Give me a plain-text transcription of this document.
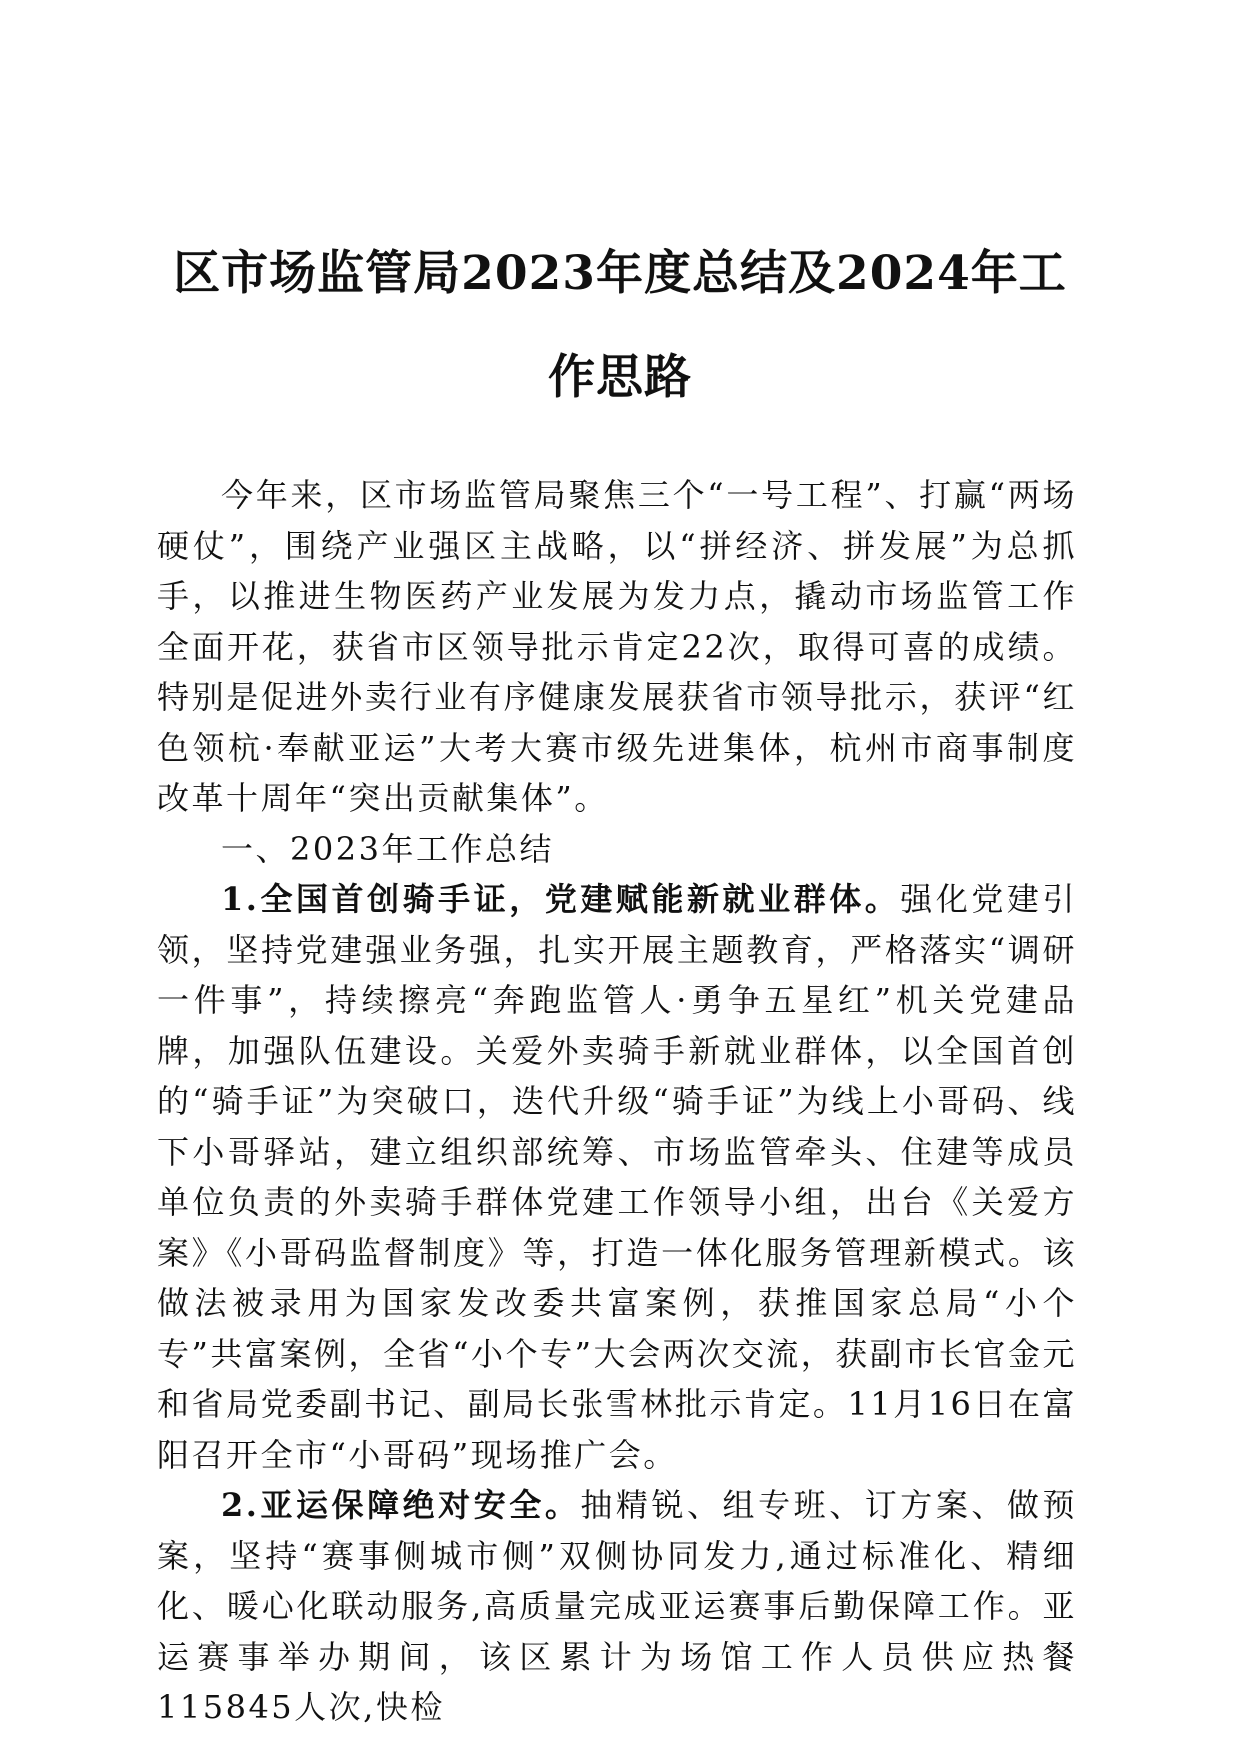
区市场监管局2023年度总结及2024年工作思路

今年来，区市场监管局聚焦三个“一号工程”、打赢“两场硬仗”，围绕产业强区主战略，以“拼经济、拼发展”为总抓手，以推进生物医药产业发展为发力点，撬动市场监管工作全面开花，获省市区领导批示肯定22次，取得可喜的成绩。特别是促进外卖行业有序健康发展获省市领导批示，获评“红色领杭·奉献亚运”大考大赛市级先进集体，杭州市商事制度改革十周年“突出贡献集体”。

一、2023年工作总结

1.全国首创骑手证，党建赋能新就业群体。强化党建引领，坚持党建强业务强，扎实开展主题教育，严格落实“调研一件事”，持续擦亮“奔跑监管人·勇争五星红”机关党建品牌，加强队伍建设。关爱外卖骑手新就业群体，以全国首创的“骑手证”为突破口，迭代升级“骑手证”为线上小哥码、线下小哥驿站，建立组织部统筹、市场监管牵头、住建等成员单位负责的外卖骑手群体党建工作领导小组，出台《关爱方案》《小哥码监督制度》等，打造一体化服务管理新模式。该做法被录用为国家发改委共富案例，获推国家总局“小个专”共富案例，全省“小个专”大会两次交流，获副市长官金元和省局党委副书记、副局长张雪林批示肯定。11月16日在富阳召开全市“小哥码”现场推广会。

2.亚运保障绝对安全。抽精锐、组专班、订方案、做预案，坚持“赛事侧城市侧”双侧协同发力,通过标准化、精细化、暖心化联动服务,高质量完成亚运赛事后勤保障工作。亚运赛事举办期间，该区累计为场馆工作人员供应热餐115845人次,快检
